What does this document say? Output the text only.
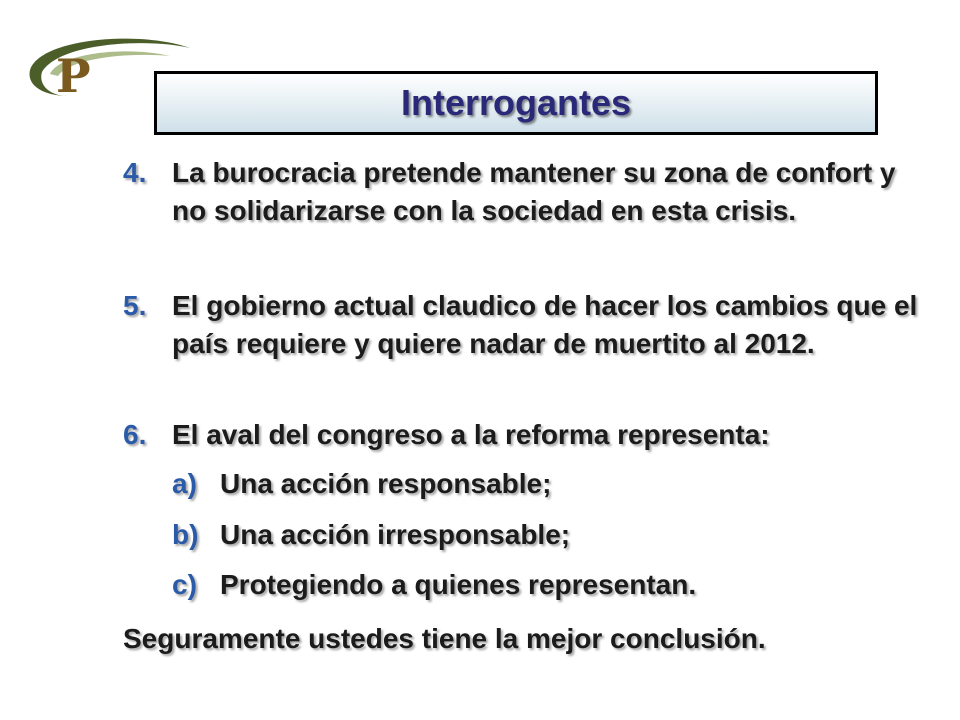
P	Interrogantes
4. La burocracia pretende mantener su zona de confort y no solidarizarse con la sociedad en esta crisis.
5. El gobierno actual claudico de hacer los cambios que el país requiere y quiere nadar de muertito al 2012.
6. El aval del congreso a la reforma representa:
a) Una acción responsable;
b) Una acción irresponsable;
c) Protegiendo a quienes representan.
Seguramente ustedes tiene la mejor conclusión.
